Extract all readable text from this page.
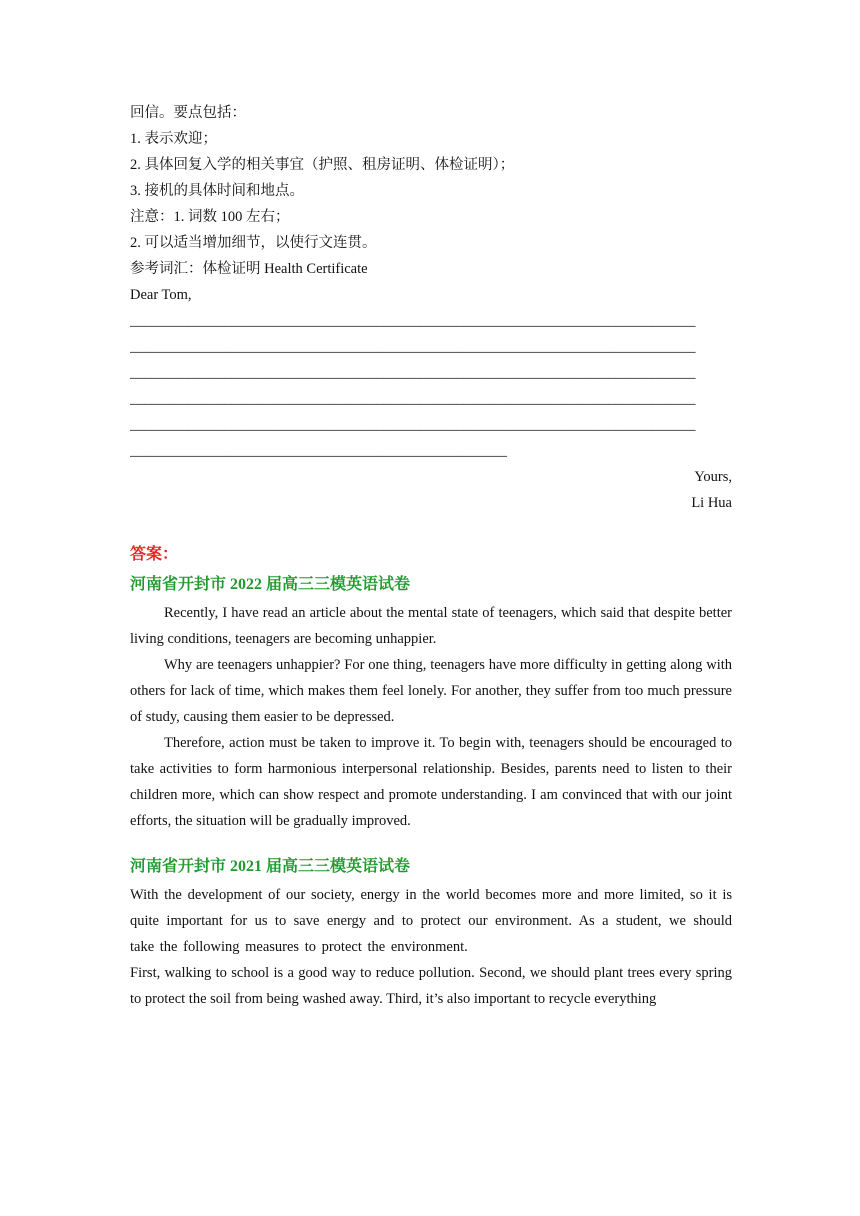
回信。要点包括：
1. 表示欢迎；
2. 具体回复入学的相关事宜（护照、租房证明、体检证明）；
3. 接机的具体时间和地点。
注意：1. 词数 100 左右；
2. 可以适当增加细节，以使行文连贯。
参考词汇：体检证明 Health Certificate
Dear Tom,
______________________________________________________________________________
______________________________________________________________________________
______________________________________________________________________________
______________________________________________________________________________
______________________________________________________________________________
____________________________________________________
Yours,
Li Hua
答案：
河南省开封市 2022 届高三三模英语试卷

Recently, I have read an article about the mental state of teenagers, which said that despite better living conditions, teenagers are becoming unhappier.

Why are teenagers unhappier? For one thing, teenagers have more difficulty in getting along with others for lack of time, which makes them feel lonely. For another, they suffer from too much pressure of study, causing them easier to be depressed.

Therefore, action must be taken to improve it. To begin with, teenagers should be encouraged to take activities to form harmonious interpersonal relationship. Besides, parents need to listen to their children more, which can show respect and promote understanding. I am convinced that with our joint efforts, the situation will be gradually improved.

河南省开封市 2021 届高三三模英语试卷

With the development of our society, energy in the world becomes more and more limited, so it is quite important for us to save energy and to protect our environment. As a student, we should take the following measures to protect the environment.

First, walking to school is a good way to reduce pollution. Second, we should plant trees every spring to protect the soil from being washed away. Third, it’s also important to recycle everything
